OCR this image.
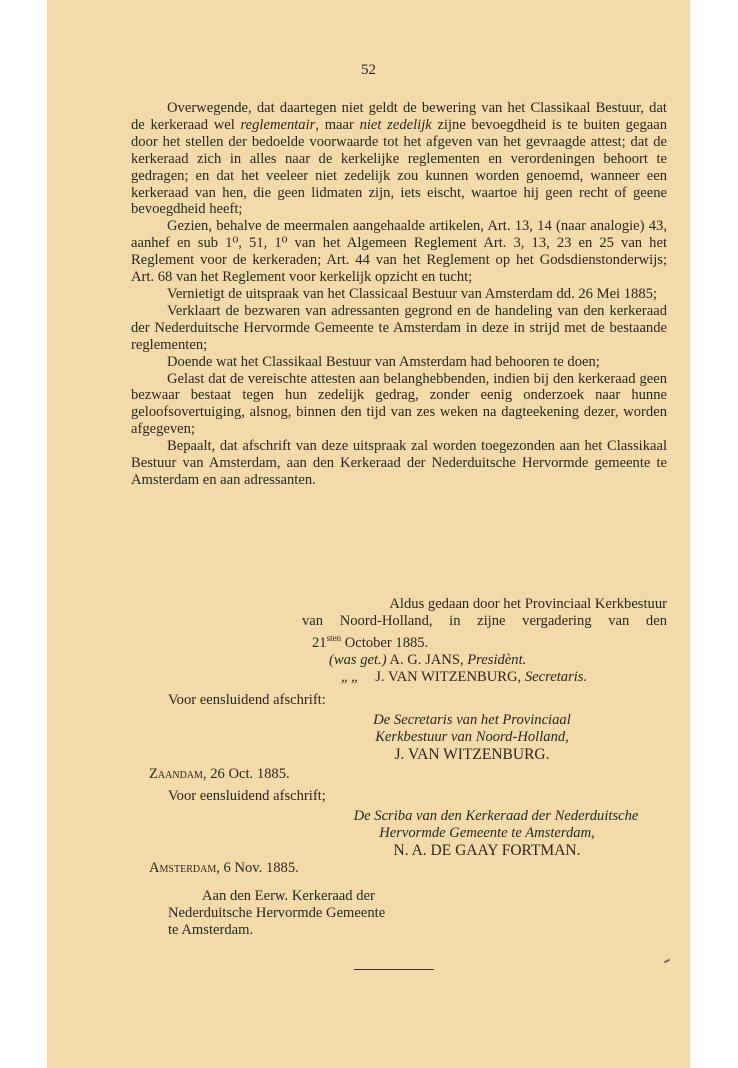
52

Overwegende, dat daartegen niet geldt de bewering van het Classikaal Bestuur, dat de kerkeraad wel reglementair, maar niet zedelijk zijne bevoegdheid is te buiten gegaan door het stellen der bedoelde voorwaarde tot het afgeven van het gevraagde attest; dat de kerkeraad zich in alles naar de kerkelijke reglementen en verordeningen behoort te gedragen; en dat het veeleer niet zedelijk zou kunnen worden genoemd, wanneer een kerkeraad van hen, die geen lidmaten zijn, iets eischt, waartoe hij geen recht of geene bevoegdheid heeft;

Gezien, behalve de meermalen aangehaalde artikelen, Art. 13, 14 (naar analogie) 43, aanhef en sub 1⁰, 51, 1⁰ van het Algemeen Reglement Art. 3, 13, 23 en 25 van het Reglement voor de kerkeraden; Art. 44 van het Reglement op het Godsdienstonderwijs; Art. 68 van het Reglement voor kerkelijk opzicht en tucht;

Vernietigt de uitspraak van het Classicaal Bestuur van Amsterdam dd. 26 Mei 1885;

Verklaart de bezwaren van adressanten gegrond en de handeling van den kerkeraad der Nederduitsche Hervormde Gemeente te Amsterdam in deze in strijd met de bestaande reglementen;

Doende wat het Classikaal Bestuur van Amsterdam had behooren te doen;

Gelast dat de vereischte attesten aan belanghebbenden, indien bij den kerkeraad geen bezwaar bestaat tegen hun zedelijk gedrag, zonder eenig onderzoek naar hunne geloofsovertuiging, alsnog, binnen den tijd van zes weken na dagteekening dezer, worden afgegeven;

Bepaalt, dat afschrift van deze uitspraak zal worden toegezonden aan het Classikaal Bestuur van Amsterdam, aan den Kerkeraad der Nederduitsche Hervormde gemeente te Amsterdam en aan adressanten.

Aldus gedaan door het Provinciaal Kerkbestuur
van Noord-Holland, in zijne vergadering van den
$21^{sten}$ October 1885.
(was get.) A. G. JANS, Presidènt.
„ „ J. VAN WITZENBURG, Secretaris.
Voor eensluidend afschrift:
De Secretaris van het Provinciaal
Kerkbestuur van Noord-Holland,
J. VAN WITZENBURG.
Zaandam, 26 Oct. 1885.
Voor eensluidend afschrift;
De Scriba van den Kerkeraad der Nederduitsche
Hervormde Gemeente te Amsterdam,
N. A. DE GAAY FORTMAN.
Amsterdam, 6 Nov. 1885.
Aan den Eerw. Kerkeraad der
Nederduitsche Hervormde Gemeente
te Amsterdam.
